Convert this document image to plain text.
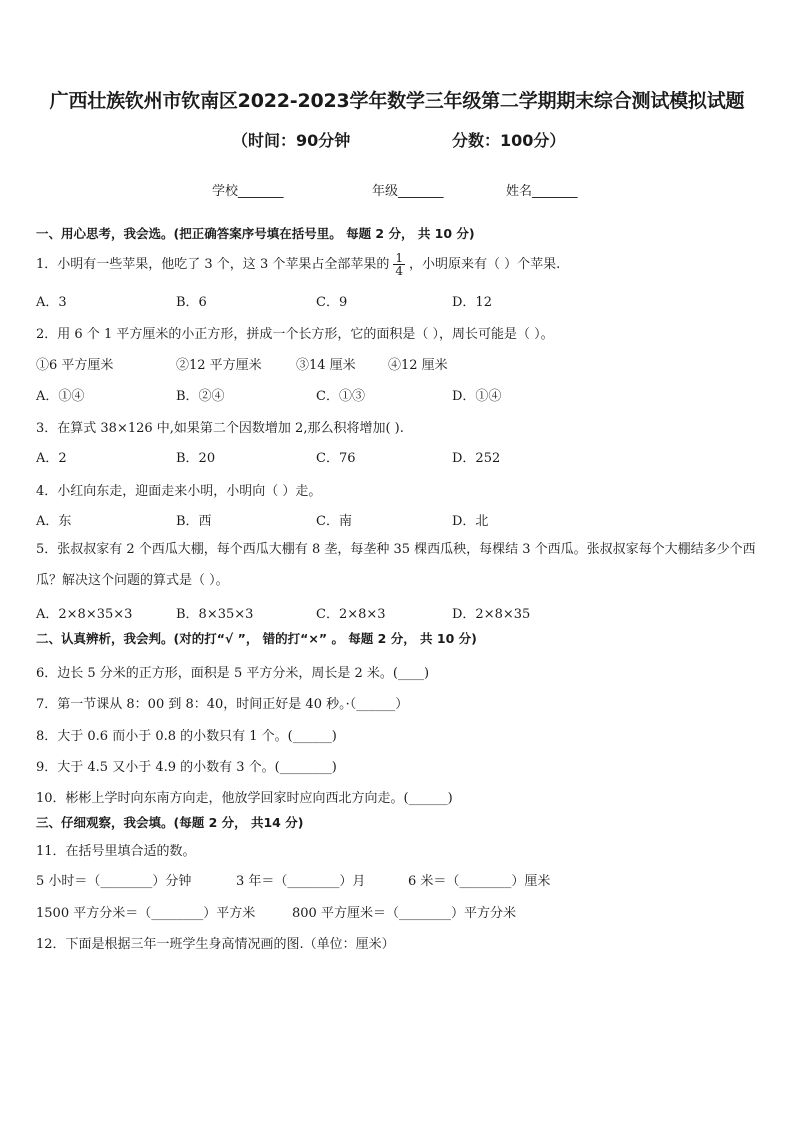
广西壮族钦州市钦南区2022-2023学年数学三年级第二学期期末综合测试模拟试题
（时间：90分钟	分数：100分）
学校_______	年级_______	姓名_______
一、用心思考，我会选。(把正确答案序号填在括号里。 每题 2 分， 共 10 分)
1．小明有一些苹果，他吃了 3 个，这 3 个苹果占全部苹果的 $\frac{1}{4}$ ，小明原来有（ ）个苹果.
A．3	B．6	C．9	D．12
2．用 6 个 1 平方厘米的小正方形，拼成一个长方形，它的面积是（ ），周长可能是（ ）。
①6 平方厘米	②12 平方厘米	③14 厘米 ④12 厘米
A．①④	B．②④	C．①③	D．①④
3．在算式 38×126 中,如果第二个因数增加 2,那么积将增加( ).
A．2	B．20	C．76	D．252
4．小红向东走，迎面走来小明，小明向（ ）走。
A．东	B．西	C．南	D．北
5．张叔叔家有 2 个西瓜大棚，每个西瓜大棚有 8 垄，每垄种 35 棵西瓜秧，每棵结 3 个西瓜。张叔叔家每个大棚结多少个西瓜？解决这个问题的算式是（ ）。
A．2×8×35×3	B．8×35×3	C．2×8×3	D．2×8×35
二、认真辨析，我会判。(对的打“√ ”， 错的打“×” 。 每题 2 分， 共 10 分)
6．边长 5 分米的正方形，面积是 5 平方分米，周长是 2 米。(____)
7．第一节课从 8：00 到 8：40，时间正好是 40 秒。·（______）
8．大于 0.6 而小于 0.8 的小数只有 1 个。(______)
9．大于 4.5 又小于 4.9 的小数有 3 个。(________)
10．彬彬上学时向东南方向走，他放学回家时应向西北方向走。(______)
三、仔细观察，我会填。(每题 2 分， 共14 分)
11．在括号里填合适的数。
5 小时＝（________）分钟	3 年＝（________）月	6 米＝（________）厘米
1500 平方分米＝（________）平方米	800 平方厘米＝（________）平方分米
12．下面是根据三年一班学生身高情况画的图.（单位：厘米）
